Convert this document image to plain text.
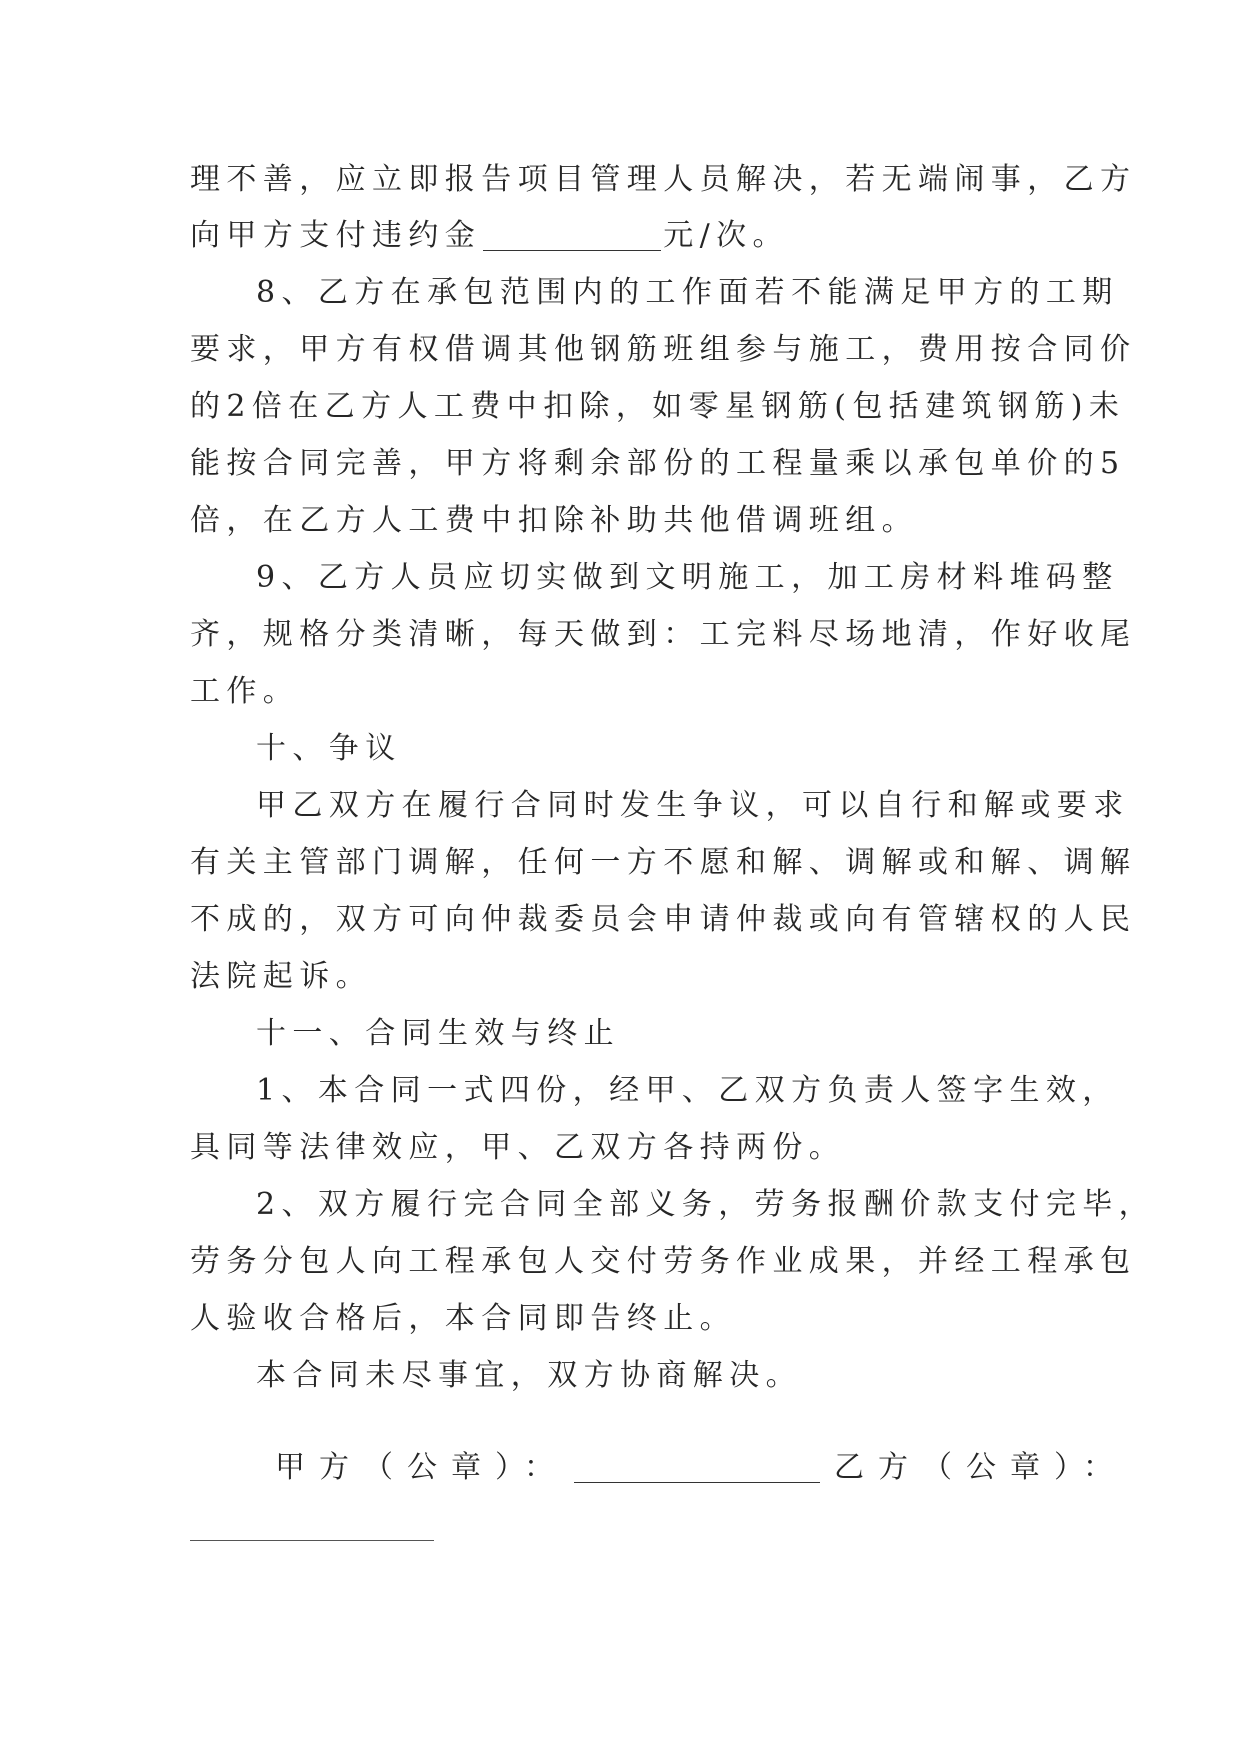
理不善，应立即报告项目管理人员解决，若无端闹事，乙方
向甲方支付违约金	元/次。
8、乙方在承包范围内的工作面若不能满足甲方的工期
要求，甲方有权借调其他钢筋班组参与施工，费用按合同价
的2倍在乙方人工费中扣除，如零星钢筋(包括建筑钢筋)未
能按合同完善，甲方将剩余部份的工程量乘以承包单价的5
倍，在乙方人工费中扣除补助共他借调班组。
9、乙方人员应切实做到文明施工，加工房材料堆码整
齐，规格分类清晰，每天做到：工完料尽场地清，作好收尾
工作。
十、争议
甲乙双方在履行合同时发生争议，可以自行和解或要求
有关主管部门调解，任何一方不愿和解、调解或和解、调解
不成的，双方可向仲裁委员会申请仲裁或向有管辖权的人民
法院起诉。
十一、合同生效与终止
1、本合同一式四份，经甲、乙双方负责人签字生效，
具同等法律效应，甲、乙双方各持两份。
2、双方履行完合同全部义务，劳务报酬价款支付完毕，
劳务分包人向工程承包人交付劳务作业成果，并经工程承包
人验收合格后，本合同即告终止。
本合同未尽事宜，双方协商解决。
甲方（公章）：	乙方（公章）：
